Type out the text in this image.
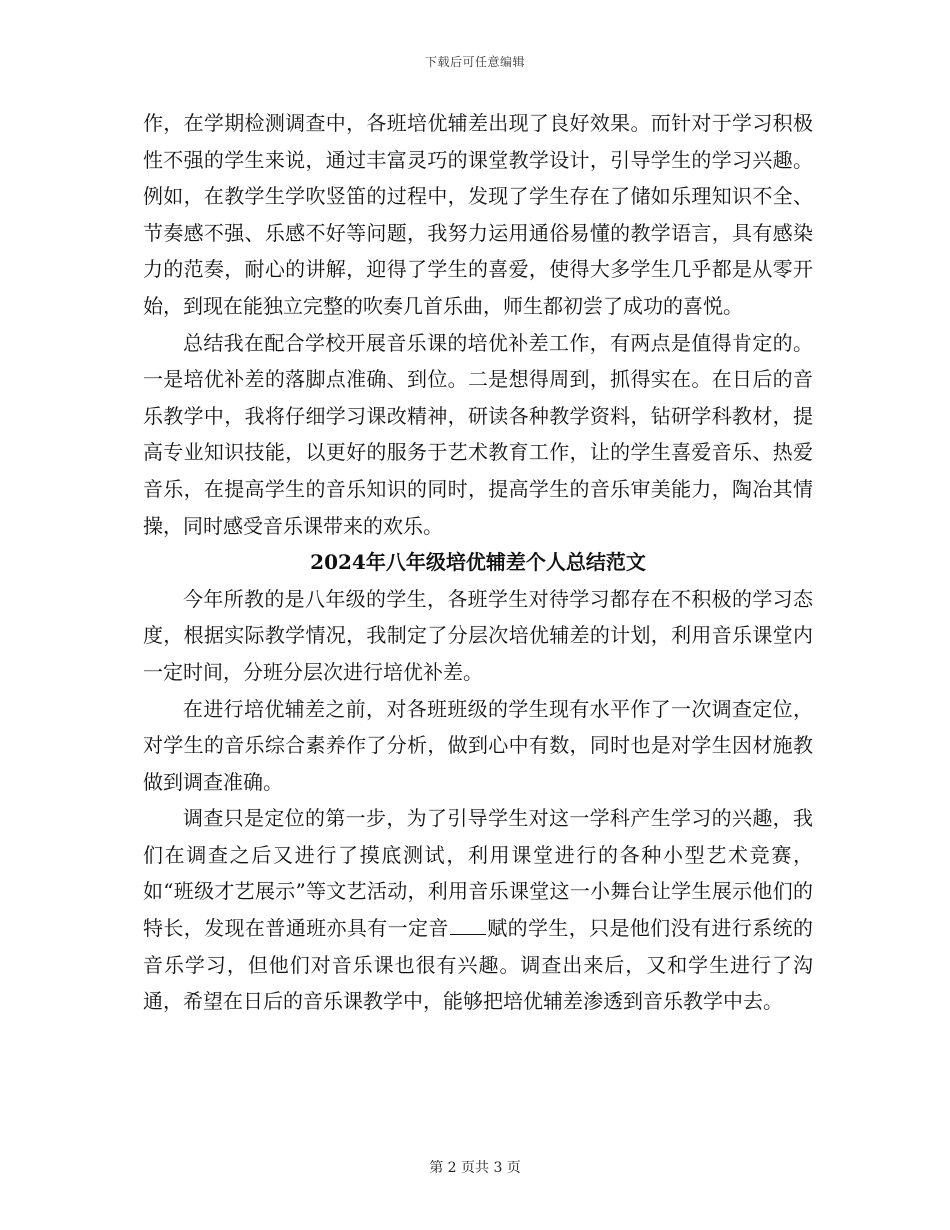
下载后可任意编辑

作，在学期检测调查中，各班培优辅差出现了良好效果。而针对于学习积极性不强的学生来说，通过丰富灵巧的课堂教学设计，引导学生的学习兴趣。例如，在教学生学吹竖笛的过程中，发现了学生存在了储如乐理知识不全、节奏感不强、乐感不好等问题，我努力运用通俗易懂的教学语言，具有感染力的范奏，耐心的讲解，迎得了学生的喜爱，使得大多学生几乎都是从零开始，到现在能独立完整的吹奏几首乐曲，师生都初尝了成功的喜悦。

总结我在配合学校开展音乐课的培优补差工作，有两点是值得肯定的。一是培优补差的落脚点准确、到位。二是想得周到，抓得实在。在日后的音乐教学中，我将仔细学习课改精神，研读各种教学资料，钻研学科教材，提高专业知识技能，以更好的服务于艺术教育工作，让的学生喜爱音乐、热爱音乐，在提高学生的音乐知识的同时，提高学生的音乐审美能力，陶冶其情操，同时感受音乐课带来的欢乐。

2024年八年级培优辅差个人总结范文

今年所教的是八年级的学生，各班学生对待学习都存在不积极的学习态度，根据实际教学情况，我制定了分层次培优辅差的计划，利用音乐课堂内一定时间，分班分层次进行培优补差。

在进行培优辅差之前，对各班班级的学生现有水平作了一次调查定位，对学生的音乐综合素养作了分析，做到心中有数，同时也是对学生因材施教做到调查准确。

调查只是定位的第一步，为了引导学生对这一学科产生学习的兴趣，我们在调查之后又进行了摸底测试，利用课堂进行的各种小型艺术竞赛，如“班级才艺展示”等文艺活动，利用音乐课堂这一小舞台让学生展示他们的特长，发现在普通班亦具有一定音 赋的学生，只是他们没有进行系统的音乐学习，但他们对音乐课也很有兴趣。调查出来后，又和学生进行了沟通，希望在日后的音乐课教学中，能够把培优辅差渗透到音乐教学中去。

第 2 页共 3 页
